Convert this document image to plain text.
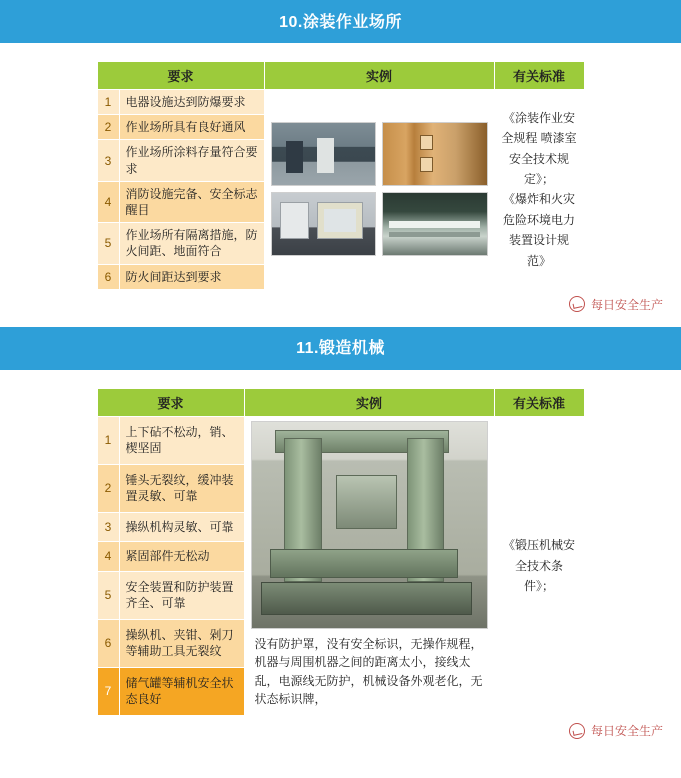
10.涂装作业场所
要求		实例	有关标准
1	电器设施达到防爆要求	

《涂装作业安
全规程 喷漆室
安全技术规
定》；
《爆炸和火灾
危险环境电力
装置设计规范》

2	作业场所具有良好通风		
3	作业场所涂料存量符合要求		
4	消防设施完备、安全标志醒目		
5	作业场所有隔离措施，防火间距、地面符合		
6	防火间距达到要求		
每日安全生产
11.锻造机械
要求		实例	有关标准
1	上下砧不松动，销、楔坚固	没有防护罩，没有安全标识，无操作规程，机器与周围机器之间的距离太小，接线太乱，电源线无防护，机械设备外观老化，无状态标识牌，	《锻压机械安
全技术条件》；

2	锤头无裂纹，缓冲装置灵敏、可靠		
3	操纵机构灵敏、可靠		
4	紧固部件无松动		
5	安全装置和防护装置齐全、可靠		
6	操纵机、夹钳、剁刀等辅助工具无裂纹		
7	储气罐等辅机安全状态良好		
每日安全生产
